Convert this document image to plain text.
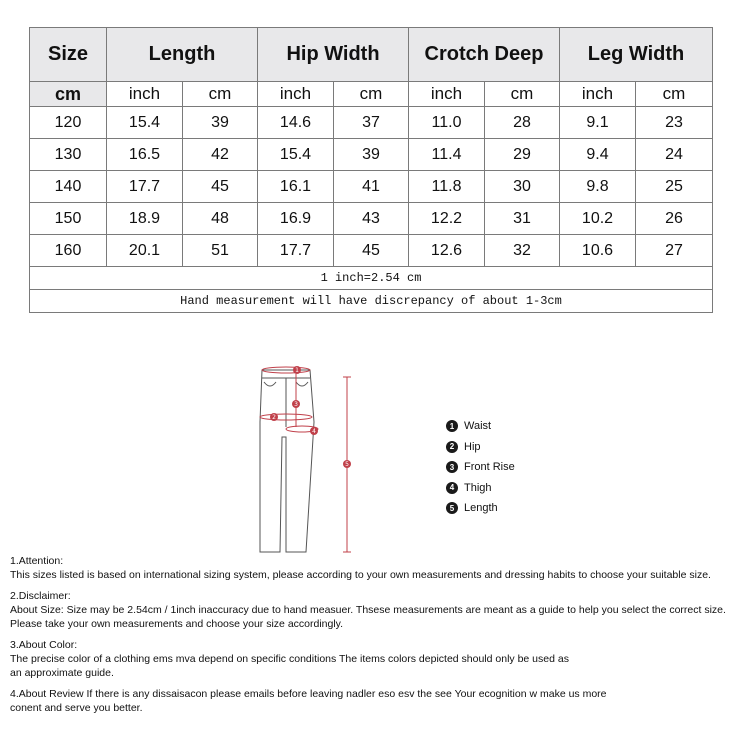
Size	Length		Hip Width		Crotch Deep		Leg Width	
cm	inch	cm	inch	cm	inch	cm	inch	cm
120	15.4	39	14.6	37	11.0	28	9.1	23
130	16.5	42	15.4	39	11.4	29	9.4	24
140	17.7	45	16.1	41	11.8	30	9.8	25
150	18.9	48	16.9	43	12.2	31	10.2	26
160	20.1	51	17.7	45	12.6	32	10.6	27
1 inch=2.54 cm								
Hand measurement will have discrepancy of about 1-3cm								
1
2
3
4
5
1 Waist
2 Hip
3 Front Rise
4 Thigh
5 Length
1.Attention:
This sizes listed is based on international sizing system, please according to your own measurements and dressing habits to choose your suitable size.
2.Disclaimer:
About Size: Size may be 2.54cm / 1inch inaccuracy due to hand measuer. Thsese measurements are meant as a guide to help you select the correct size.
Please take your own measurements and choose your size accordingly.
3.About Color:
The precise color of a clothing ems mva depend on specific conditions The items colors depicted should only be used as
an approximate guide.
4.About Review If there is any dissaisacon please emails before leaving nadler eso esv the see Your ecognition w make us more
conent and serve you better.
